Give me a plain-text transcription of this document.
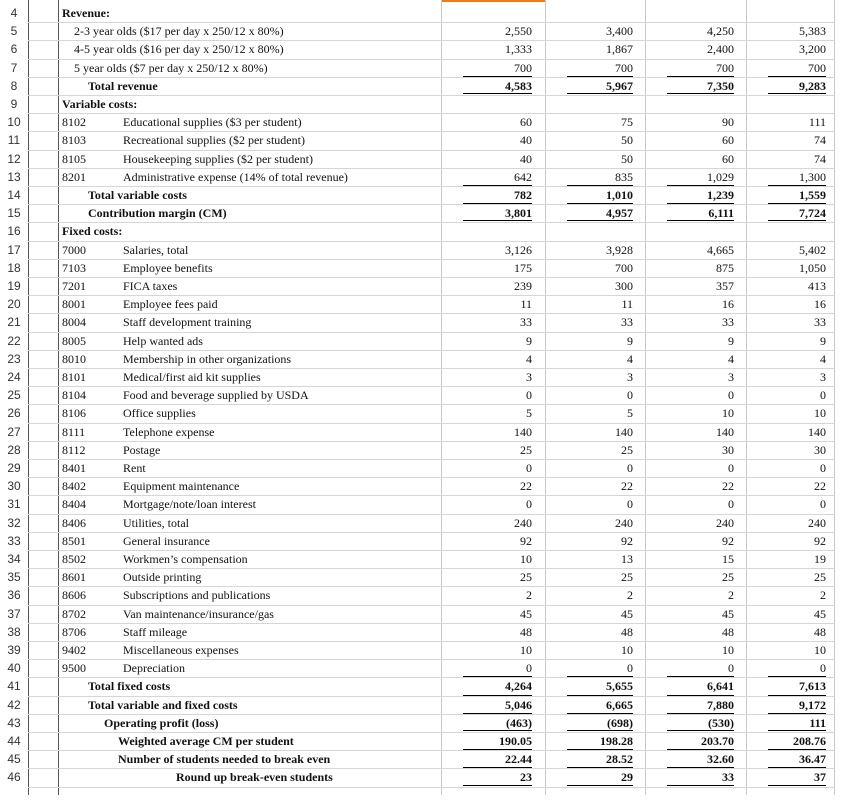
4	Revenue:
5	2-3 year olds ($17 per day x 250/12 x 80%)	2,550	3,400	4,250	5,383
6	4-5 year olds ($16 per day x 250/12 x 80%)	1,333	1,867	2,400	3,200
7	5 year olds ($7 per day x 250/12 x 80%)	700	700	700	700
8	Total revenue	4,583	5,967	7,350	9,283
9	Variable costs:
10	8102	Educational supplies ($3 per student)	60	75	90	111
11	8103	Recreational supplies ($2 per student)	40	50	60	74
12	8105	Housekeeping supplies ($2 per student)	40	50	60	74
13	8201	Administrative expense (14% of total revenue)	642	835	1,029	1,300
14	Total variable costs	782	1,010	1,239	1,559
15	Contribution margin (CM)	3,801	4,957	6,111	7,724
16	Fixed costs:
17	7000	Salaries, total	3,126	3,928	4,665	5,402
18	7103	Employee benefits	175	700	875	1,050
19	7201	FICA taxes	239	300	357	413
20	8001	Employee fees paid	11	11	16	16
21	8004	Staff development training	33	33	33	33
22	8005	Help wanted ads	9	9	9	9
23	8010	Membership in other organizations	4	4	4	4
24	8101	Medical/first aid kit supplies	3	3	3	3
25	8104	Food and beverage supplied by USDA	0	0	0	0
26	8106	Office supplies	5	5	10	10
27	8111	Telephone expense	140	140	140	140
28	8112	Postage	25	25	30	30
29	8401	Rent	0	0	0	0
30	8402	Equipment maintenance	22	22	22	22
31	8404	Mortgage/note/loan interest	0	0	0	0
32	8406	Utilities, total	240	240	240	240
33	8501	General insurance	92	92	92	92
34	8502	Workmen’s compensation	10	13	15	19
35	8601	Outside printing	25	25	25	25
36	8606	Subscriptions and publications	2	2	2	2
37	8702	Van maintenance/insurance/gas	45	45	45	45
38	8706	Staff mileage	48	48	48	48
39	9402	Miscellaneous expenses	10	10	10	10
40	9500	Depreciation	0	0	0	0
41	Total fixed costs	4,264	5,655	6,641	7,613
42	Total variable and fixed costs	5,046	6,665	7,880	9,172
43	Operating profit (loss)	(463)	(698)	(530)	111
44	Weighted average CM per student	190.05	198.28	203.70	208.76
45	Number of students needed to break even	22.44	28.52	32.60	36.47
46	Round up break-even students	23	29	33	37
